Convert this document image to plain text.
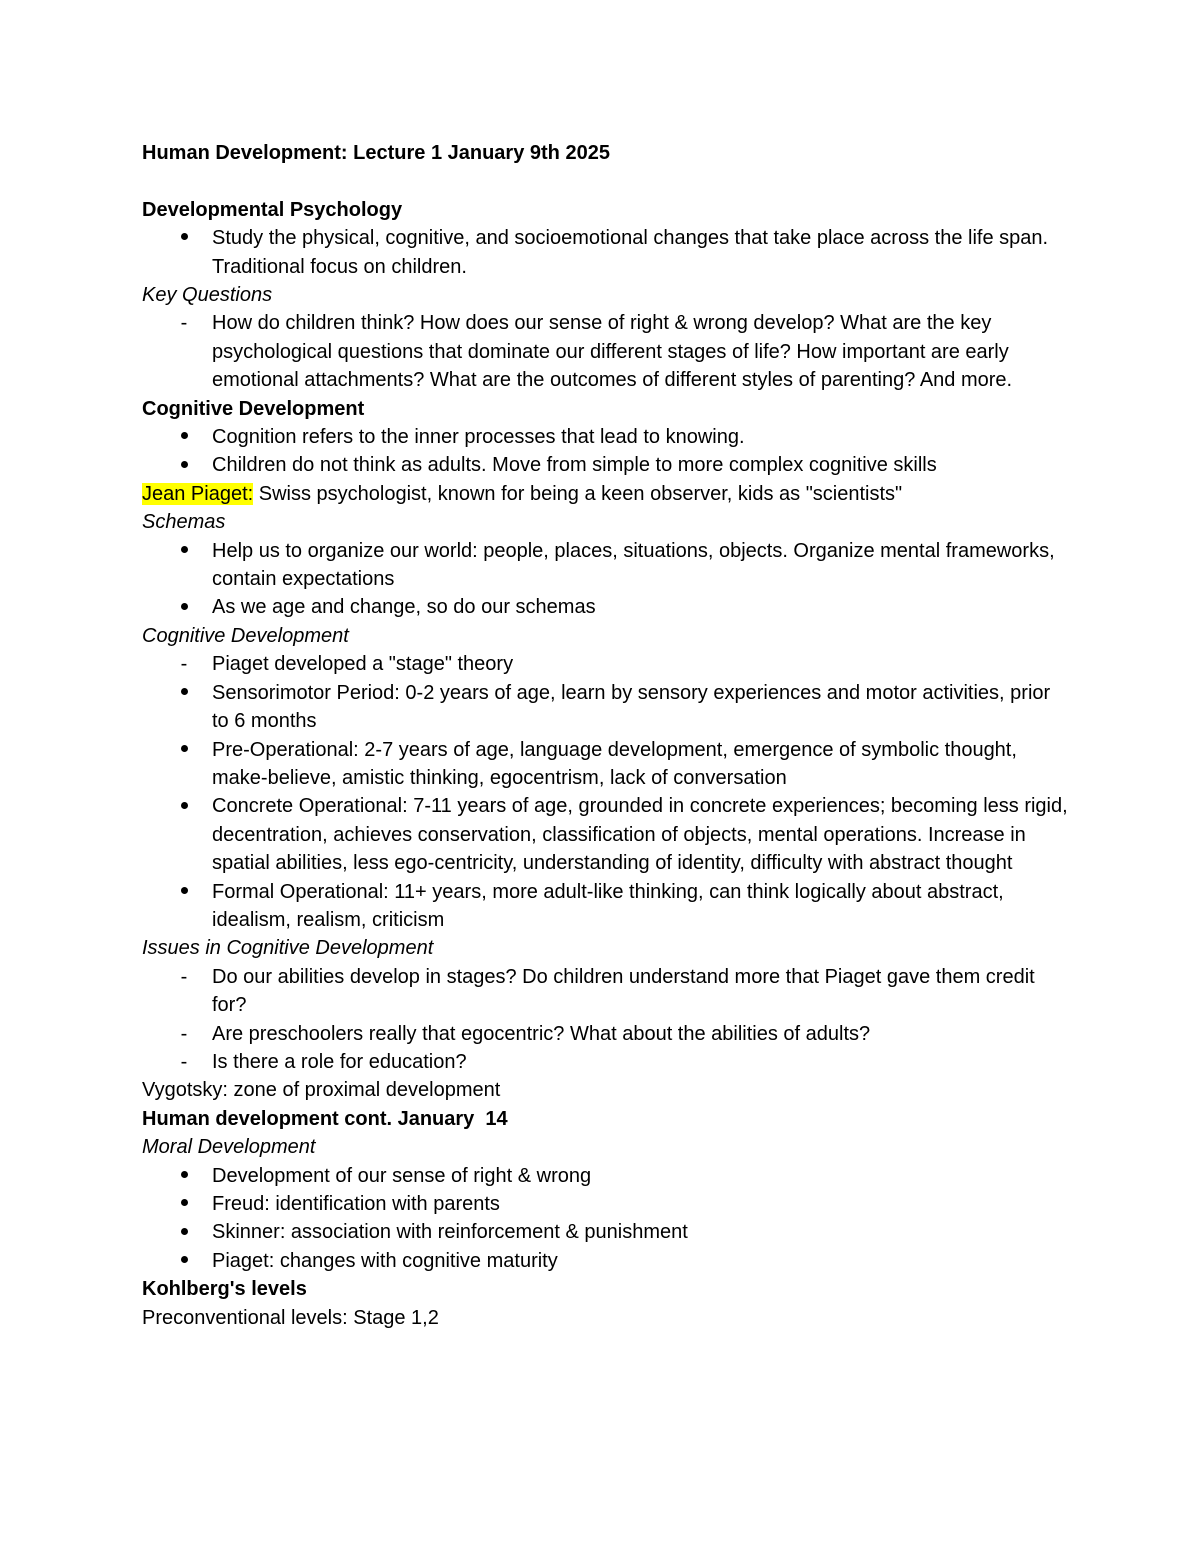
Human Development: Lecture 1 January 9th 2025
Developmental Psychology
Study the physical, cognitive, and socioemotional changes that take place across the life span. Traditional focus on children.
Key Questions
-	How do children think? How does our sense of right & wrong develop? What are the key psychological questions that dominate our different stages of life? How important are early emotional attachments? What are the outcomes of different styles of parenting? And more.
Cognitive Development
Cognition refers to the inner processes that lead to knowing.
Children do not think as adults. Move from simple to more complex cognitive skills
Jean Piaget: Swiss psychologist, known for being a keen observer, kids as "scientists"
Schemas
Help us to organize our world: people, places, situations, objects. Organize mental frameworks, contain expectations
As we age and change, so do our schemas
Cognitive Development
-	Piaget developed a "stage" theory
Sensorimotor Period: 0-2 years of age, learn by sensory experiences and motor activities, prior to 6 months
Pre-Operational: 2-7 years of age, language development, emergence of symbolic thought, make-believe, amistic thinking, egocentrism, lack of conversation
Concrete Operational: 7-11 years of age, grounded in concrete experiences; becoming less rigid, decentration, achieves conservation, classification of objects, mental operations. Increase in spatial abilities, less ego-centricity, understanding of identity, difficulty with abstract thought
Formal Operational: 11+ years, more adult-like thinking, can think logically about abstract, idealism, realism, criticism
Issues in Cognitive Development
-	Do our abilities develop in stages? Do children understand more that Piaget gave them credit for?
-	Are preschoolers really that egocentric? What about the abilities of adults?
-	Is there a role for education?
Vygotsky: zone of proximal development
Human development cont. January  14
Moral Development
Development of our sense of right & wrong
Freud: identification with parents
Skinner: association with reinforcement & punishment
Piaget: changes with cognitive maturity
Kohlberg's levels
Preconventional levels: Stage 1,2
